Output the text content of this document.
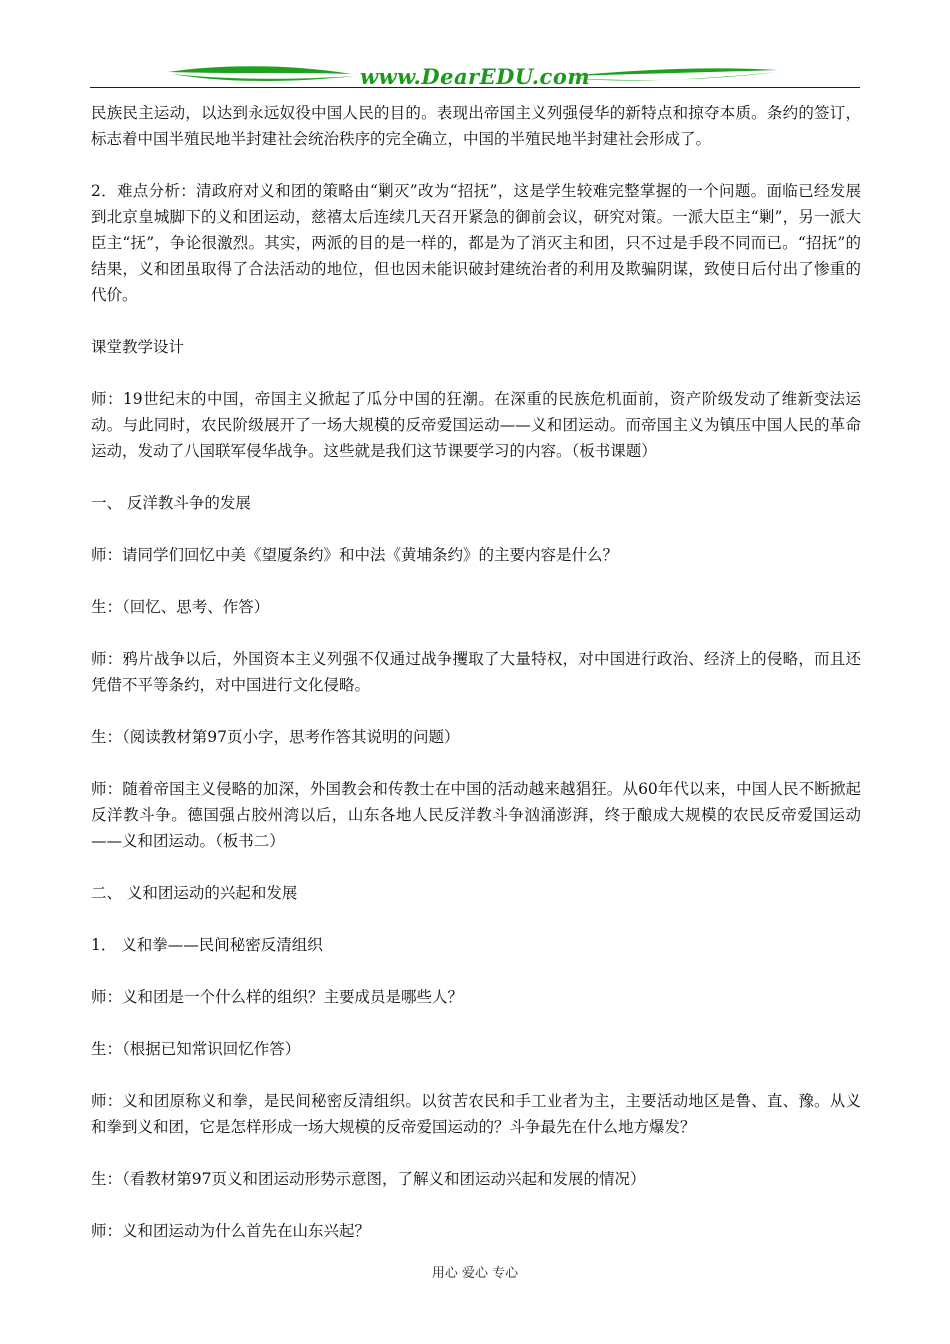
www.DearEDU.com

民族民主运动，以达到永远奴役中国人民的目的。表现出帝国主义列强侵华的新特点和掠夺本质。条约的签订，标志着中国半殖民地半封建社会统治秩序的完全确立，中国的半殖民地半封建社会形成了。

2．难点分析：清政府对义和团的策略由“剿灭”改为“招抚”，这是学生较难完整掌握的一个问题。面临已经发展到北京皇城脚下的义和团运动，慈禧太后连续几天召开紧急的御前会议，研究对策。一派大臣主“剿”，另一派大臣主“抚”，争论很激烈。其实，两派的目的是一样的，都是为了消灭主和团，只不过是手段不同而已。“招抚”的结果，义和团虽取得了合法活动的地位，但也因未能识破封建统治者的利用及欺骗阴谋，致使日后付出了惨重的代价。

课堂教学设计

师：19世纪末的中国，帝国主义掀起了瓜分中国的狂潮。在深重的民族危机面前，资产阶级发动了维新变法运动。与此同时，农民阶级展开了一场大规模的反帝爱国运动——义和团运动。而帝国主义为镇压中国人民的革命运动，发动了八国联军侵华战争。这些就是我们这节课要学习的内容。（板书课题）

一、 反洋教斗争的发展

师：请同学们回忆中美《望厦条约》和中法《黄埔条约》的主要内容是什么？

生：（回忆、思考、作答）

师：鸦片战争以后，外国资本主义列强不仅通过战争攫取了大量特权，对中国进行政治、经济上的侵略，而且还凭借不平等条约，对中国进行文化侵略。

生：（阅读教材第97页小字，思考作答其说明的问题）

师：随着帝国主义侵略的加深，外国教会和传教士在中国的活动越来越猖狂。从60年代以来，中国人民不断掀起反洋教斗争。德国强占胶州湾以后，山东各地人民反洋教斗争汹涌澎湃，终于酿成大规模的农民反帝爱国运动——义和团运动。（板书二）

二、 义和团运动的兴起和发展

1． 义和拳——民间秘密反清组织

师：义和团是一个什么样的组织？主要成员是哪些人？

生：（根据已知常识回忆作答）

师：义和团原称义和拳，是民间秘密反清组织。以贫苦农民和手工业者为主，主要活动地区是鲁、直、豫。从义和拳到义和团，它是怎样形成一场大规模的反帝爱国运动的？斗争最先在什么地方爆发？

生：（看教材第97页义和团运动形势示意图，了解义和团运动兴起和发展的情况）

师：义和团运动为什么首先在山东兴起？

用心 爱心 专心
